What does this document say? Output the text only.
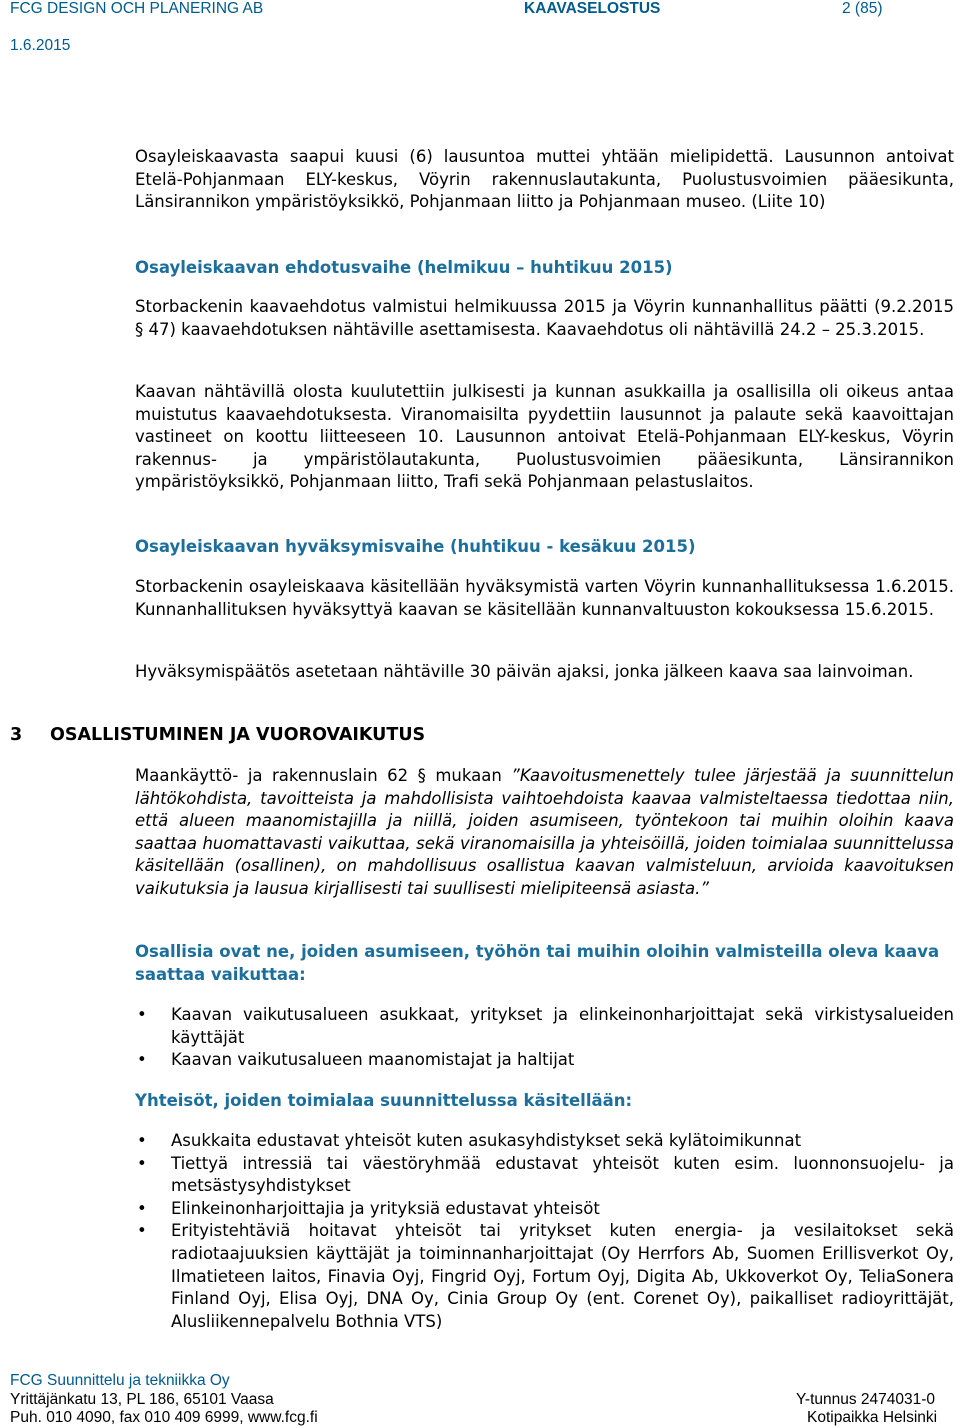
FCG DESIGN OCH PLANERING AB	KAAVASELOSTUS	2 (85)
1.6.2015

Osayleiskaavasta saapui kuusi (6) lausuntoa muttei yhtään mielipidettä. Lausunnon antoivat Etelä-Pohjanmaan ELY-keskus, Vöyrin rakennuslautakunta, Puolustusvoimien pääesikunta, Länsirannikon ympäristöyksikkö, Pohjanmaan liitto ja Pohjanmaan museo. (Liite 10)

Osayleiskaavan ehdotusvaihe (helmikuu – huhtikuu 2015)

Storbackenin kaavaehdotus valmistui helmikuussa 2015 ja Vöyrin kunnanhallitus päätti (9.2.2015 § 47) kaavaehdotuksen nähtäville asettamisesta. Kaavaehdotus oli nähtävillä 24.2 – 25.3.2015.

Kaavan nähtävillä olosta kuulutettiin julkisesti ja kunnan asukkailla ja osallisilla oli oikeus antaa muistutus kaavaehdotuksesta. Viranomaisilta pyydettiin lausunnot ja palaute sekä kaavoittajan vastineet on koottu liitteeseen 10. Lausunnon antoivat Etelä-Pohjanmaan ELY-keskus, Vöyrin rakennus- ja ympäristölautakunta, Puolustusvoimien pääesikunta, Länsirannikon ympäristöyksikkö, Pohjanmaan liitto, Trafi sekä Pohjanmaan pelastuslaitos.

Osayleiskaavan hyväksymisvaihe (huhtikuu - kesäkuu 2015)

Storbackenin osayleiskaava käsitellään hyväksymistä varten Vöyrin kunnanhallituksessa 1.6.2015. Kunnanhallituksen hyväksyttyä kaavan se käsitellään kunnanvaltuuston kokouksessa 15.6.2015.

Hyväksymispäätös asetetaan nähtäville 30 päivän ajaksi, jonka jälkeen kaava saa lainvoiman.

Maankäyttö- ja rakennuslain 62 § mukaan ”Kaavoitusmenettely tulee järjestää ja suunnittelun lähtökohdista, tavoitteista ja mahdollisista vaihtoehdoista kaavaa valmisteltaessa tiedottaa niin, että alueen maanomistajilla ja niillä, joiden asumiseen, työntekoon tai muihin oloihin kaava saattaa huomattavasti vaikuttaa, sekä viranomaisilla ja yhteisöillä, joiden toimialaa suunnittelussa käsitellään (osallinen), on mahdollisuus osallistua kaavan valmisteluun, arvioida kaavoituksen vaikutuksia ja lausua kirjallisesti tai suullisesti mielipiteensä asiasta.”

Osallisia ovat ne, joiden asumiseen, työhön tai muihin oloihin valmisteilla oleva kaava saattaa vaikuttaa:

• Kaavan vaikutusalueen asukkaat, yritykset ja elinkeinonharjoittajat sekä virkistysalueiden käyttäjät
• Kaavan vaikutusalueen maanomistajat ja haltijat

Yhteisöt, joiden toimialaa suunnittelussa käsitellään:

• Asukkaita edustavat yhteisöt kuten asukasyhdistykset sekä kylätoimikunnat
• Tiettyä intressiä tai väestöryhmää edustavat yhteisöt kuten esim. luonnonsuojelu- ja metsästysyhdistykset
• Elinkeinonharjoittajia ja yrityksiä edustavat yhteisöt
• Erityistehtäviä hoitavat yhteisöt tai yritykset kuten energia- ja vesilaitokset sekä radiotaajuuksien käyttäjät ja toiminnanharjoittajat (Oy Herrfors Ab, Suomen Erillisverkot Oy, Ilmatieteen laitos, Finavia Oyj, Fingrid Oyj, Fortum Oyj, Digita Ab, Ukkoverkot Oy, TeliaSonera Finland Oyj, Elisa Oyj, DNA Oy, Cinia Group Oy (ent. Corenet Oy), paikalliset radioyrittäjät, Alusliikennepalvelu Bothnia VTS)
3 OSALLISTUMINEN JA VUOROVAIKUTUS
FCG Suunnittelu ja tekniikka Oy
Yrittäjänkatu 13, PL 186, 65101 Vaasa
Puh. 010 4090, fax 010 409 6999, www.fcg.fi
Y-tunnus 2474031-0
Kotipaikka Helsinki
